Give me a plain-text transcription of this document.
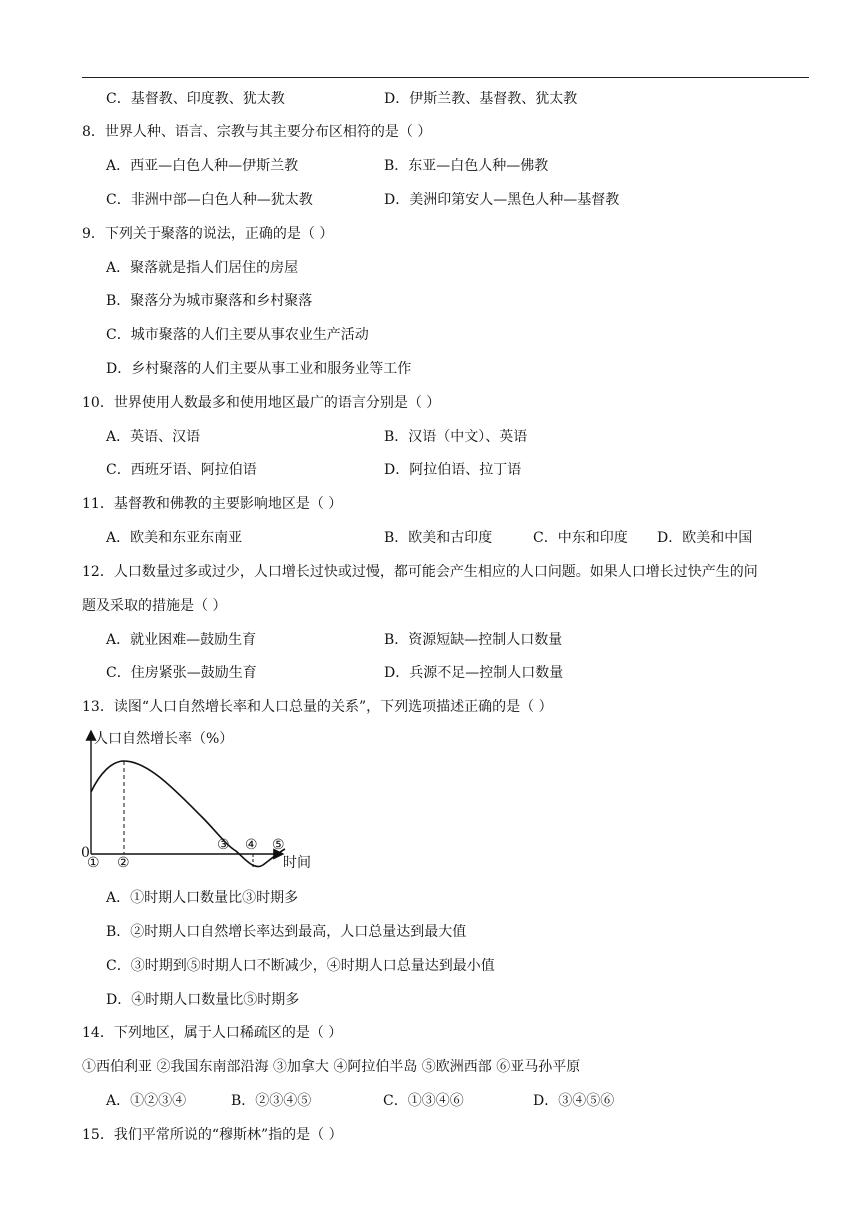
C．基督教、印度教、犹太教	D．伊斯兰教、基督教、犹太教
8．世界人种、语言、宗教与其主要分布区相符的是（ ）
A．西亚—白色人种—伊斯兰教	B．东亚—白色人种—佛教
C．非洲中部—白色人种—犹太教	D．美洲印第安人—黑色人种—基督教
9．下列关于聚落的说法，正确的是（ ）
A．聚落就是指人们居住的房屋
B．聚落分为城市聚落和乡村聚落
C．城市聚落的人们主要从事农业生产活动
D．乡村聚落的人们主要从事工业和服务业等工作
10．世界使用人数最多和使用地区最广的语言分别是（ ）
A．英语、汉语	B．汉语（中文）、英语
C．西班牙语、阿拉伯语	D．阿拉伯语、拉丁语
11．基督教和佛教的主要影响地区是（ ）
A．欧美和东亚东南亚	B．欧美和古印度	C．中东和印度 D．欧美和中国
12．人口数量过多或过少，人口增长过快或过慢，都可能会产生相应的人口问题。如果人口增长过快产生的问
题及采取的措施是（ ）
A．就业困难—鼓励生育	B．资源短缺—控制人口数量
C．住房紧张—鼓励生育	D．兵源不足—控制人口数量
13．读图“人口自然增长率和人口总量的关系”，下列选项描述正确的是（ ）
人口自然增长率（%）
0
① ②
③ ④ ⑤
时间
A．①时期人口数量比③时期多
B．②时期人口自然增长率达到最高，人口总量达到最大值
C．③时期到⑤时期人口不断减少，④时期人口总量达到最小值
D．④时期人口数量比⑤时期多
14．下列地区，属于人口稀疏区的是（ ）
①西伯利亚 ②我国东南部沿海 ③加拿大 ④阿拉伯半岛 ⑤欧洲西部 ⑥亚马孙平原
A．①②③④	B．②③④⑤	C．①③④⑥	D．③④⑤⑥
15．我们平常所说的“穆斯林”指的是（ ）
